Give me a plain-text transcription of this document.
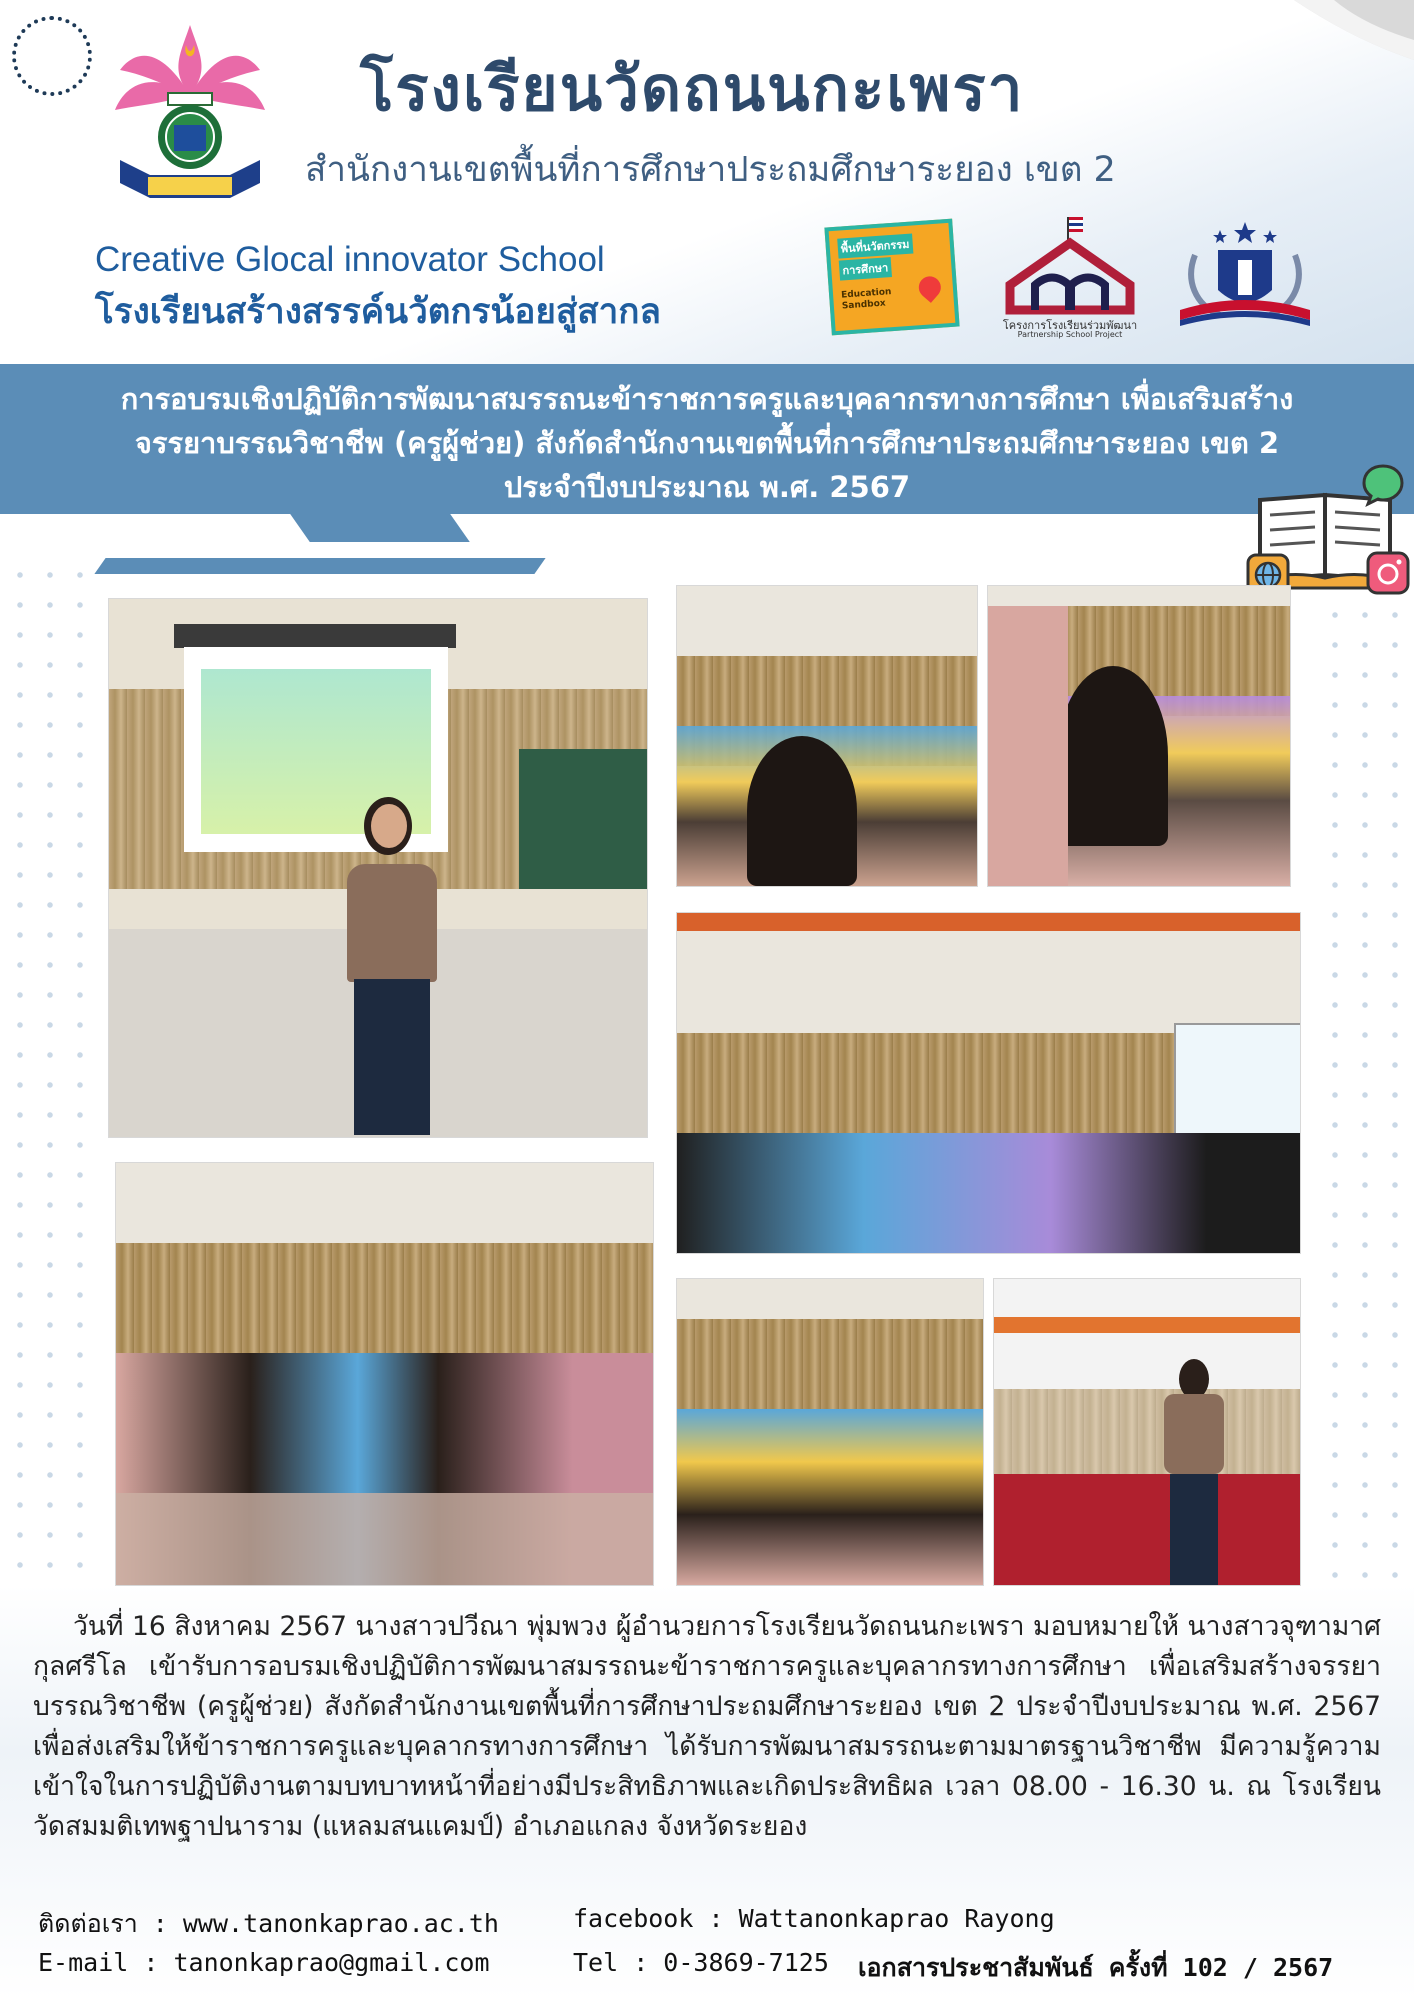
โรงเรียนวัดถนนกะเพรา
สำนักงานเขตพื้นที่การศึกษาประถมศึกษาระยอง เขต 2
Creative Glocal innovator School
โรงเรียนสร้างสรรค์นวัตกรน้อยสู่สากล
พื้นที่นวัตกรรม
การศึกษา
Education Sandbox
โครงการโรงเรียนร่วมพัฒนา
Partnership School Project
การอบรมเชิงปฏิบัติการพัฒนาสมรรถนะข้าราชการครูและบุคลากรทางการศึกษา เพื่อเสริมสร้าง
จรรยาบรรณวิชาชีพ (ครูผู้ช่วย) สังกัดสำนักงานเขตพื้นที่การศึกษาประถมศึกษาระยอง เขต 2
ประจำปีงบประมาณ พ.ศ. 2567
วันที่ 16 สิงหาคม 2567 นางสาวปวีณา พุ่มพวง ผู้อำนวยการโรงเรียนวัดถนนกะเพรา มอบหมายให้ นางสาวจุฑามาศ กุลศรีโล เข้ารับการอบรมเชิงปฏิบัติการพัฒนาสมรรถนะข้าราชการครูและบุคลากรทางการศึกษา เพื่อเสริมสร้างจรรยาบรรณวิชาชีพ (ครูผู้ช่วย) สังกัดสำนักงานเขตพื้นที่การศึกษาประถมศึกษาระยอง เขต 2 ประจำปีงบประมาณ พ.ศ. 2567 เพื่อส่งเสริมให้ข้าราชการครูและบุคลากรทางการศึกษา ได้รับการพัฒนาสมรรถนะตามมาตรฐานวิชาชีพ มีความรู้ความเข้าใจในการปฏิบัติงานตามบทบาทหน้าที่อย่างมีประสิทธิภาพและเกิดประสิทธิผล เวลา 08.00 - 16.30 น. ณ โรงเรียนวัดสมมติเทพฐาปนาราม (แหลมสนแคมป์) อำเภอแกลง จังหวัดระยอง
ติดต่อเรา : www.tanonkaprao.ac.th
E-mail : tanonkaprao@gmail.com
facebook : Wattanonkaprao Rayong
Tel : 0-3869-7125 เอกสารประชาสัมพันธ์ ครั้งที่ 102 / 2567
